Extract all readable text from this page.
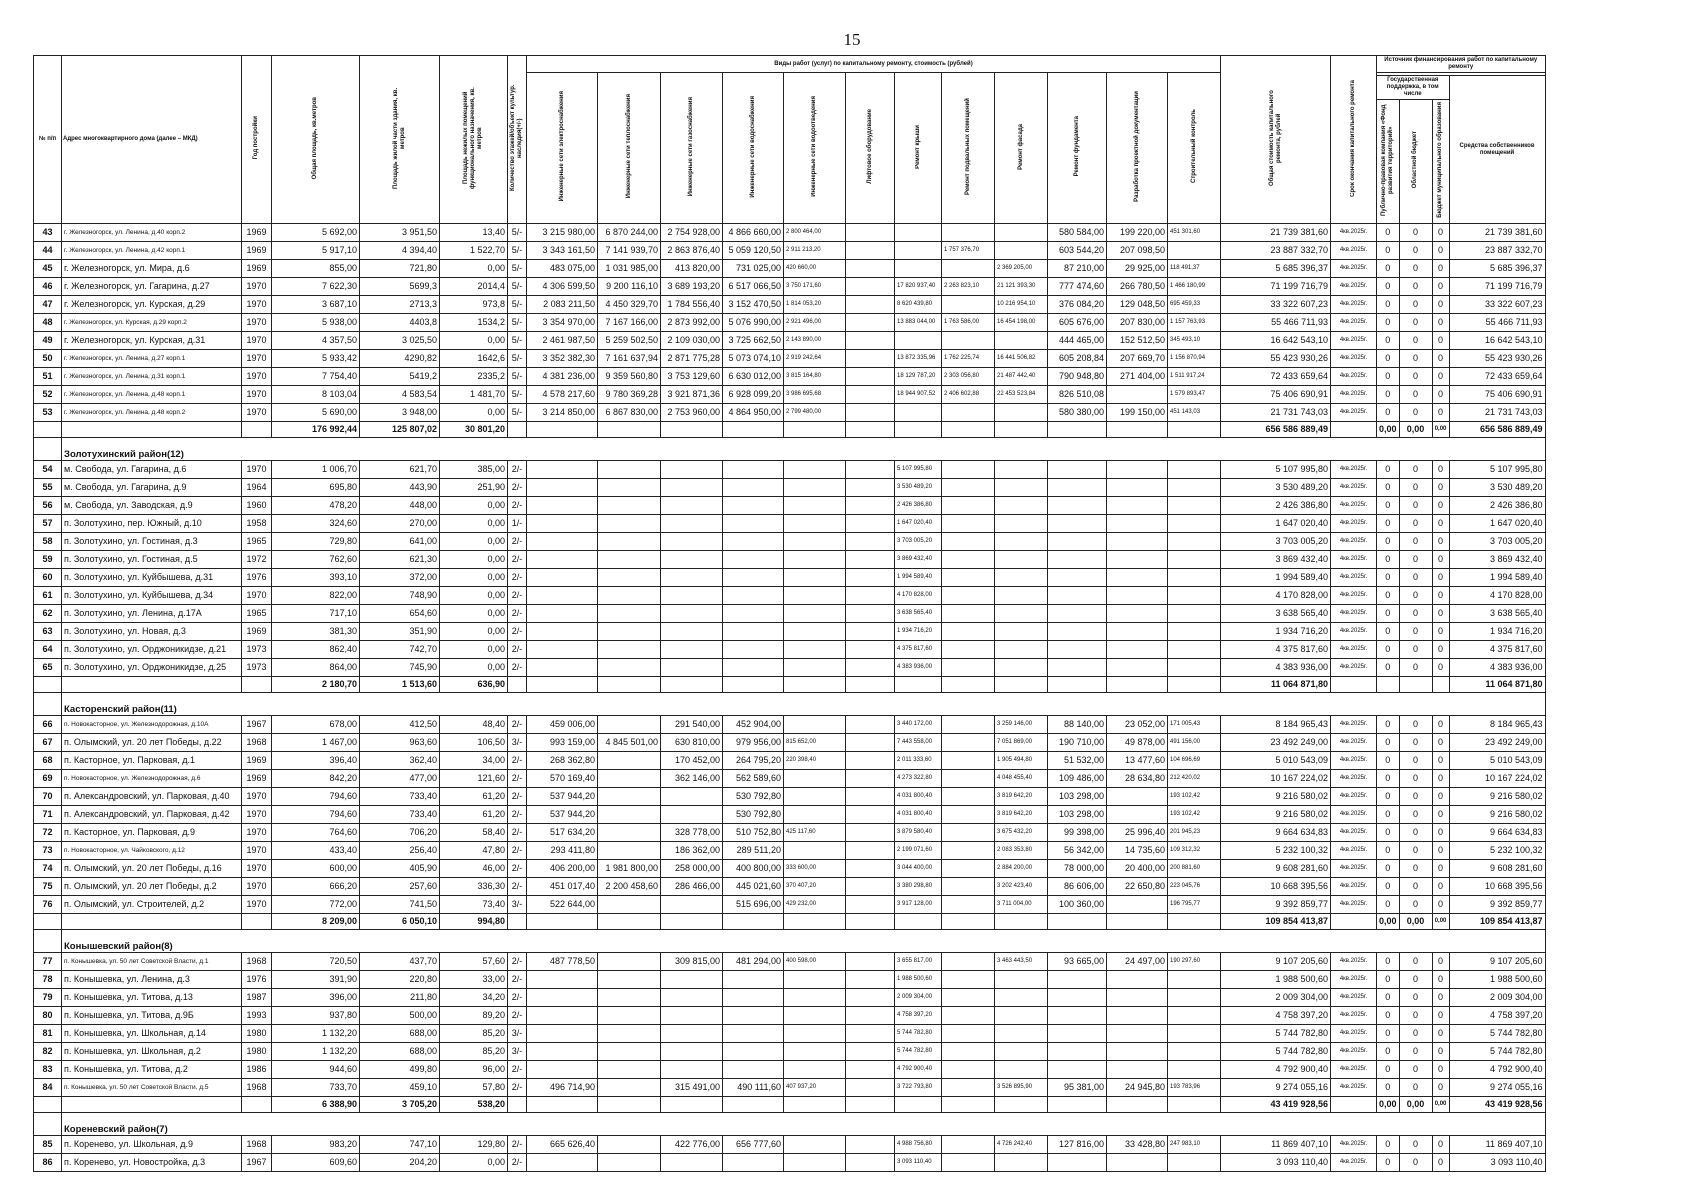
15
№ п/п	Адрес многоквартирного дома (далее – МКД)	Год постройки	Общая площадь, кв.метров	Площадь жилой части здания, кв. метров	Площадь нежилых помещений функционального назначения, кв. метров	Количество этажей/объект культур. наследия(+/-)	Виды работ (услуг) по капитальному ремонту, стоимость (рублей)												Общая стоимость капитального ремонта, рублей	Срок окончания капитального ремонта	Источник финансирования работ по капитальному ремонту			
							Инженерные сети электроснабжения	Инженерные сети теплоснабжения	Инженерные сети газоснабжения	Инженерные сети водоснабжения	Инженерные сети водоотведения	Лифтовое оборудование	Ремонт крыши	Ремонт подвальных помещений	Ремонт фасада	Ремонт фундамента	Разработка проектной документации	Строительный контроль						
																					Государственная поддержка, в том числе			Средства собственников помещений
																					Публично-правовая компания «Фонд развития территорий»	Областной бюджет	Бюджет муниципального образования	
43	г. Железногорск, ул. Ленина, д.40 корп.2	1969	5 692,00	3 951,50	13,40	5/-	3 215 980,00	6 870 244,00	2 754 928,00	4 866 660,00	2 800 464,00					580 584,00	199 220,00	451 301,60	21 739 381,60	4кв.2025г.	0	0	0	21 739 381,60
44	г. Железногорск, ул. Ленина, д.42 корп.1	1969	5 917,10	4 394,40	1 522,70	5/-	3 343 161,50	7 141 939,70	2 863 876,40	5 059 120,50	2 911 213,20			1 757 376,70		603 544,20	207 098,50		23 887 332,70	4кв.2025г.	0	0	0	23 887 332,70
45	г. Железногорск, ул. Мира, д.6	1969	855,00	721,80	0,00	5/-	483 075,00	1 031 985,00	413 820,00	731 025,00	420 660,00				2 369 205,00	87 210,00	29 925,00	118 491,37	5 685 396,37	4кв.2025г.	0	0	0	5 685 396,37
46	г. Железногорск, ул. Гагарина, д.27	1970	7 622,30	5699,3	2014,4	5/-	4 306 599,50	9 200 116,10	3 689 193,20	6 517 066,50	3 750 171,60		17 820 937,40	2 263 823,10	21 121 393,30	777 474,60	266 780,50	1 466 180,99	71 199 716,79	4кв.2025г.	0	0	0	71 199 716,79
47	г. Железногорск, ул. Курская, д.29	1970	3 687,10	2713,3	973,8	5/-	2 083 211,50	4 450 329,70	1 784 556,40	3 152 470,50	1 814 053,20		8 620 439,80		10 216 954,10	376 084,20	129 048,50	695 459,33	33 322 607,23	4кв.2025г.	0	0	0	33 322 607,23
48	г. Железногорск, ул. Курская, д.29 корп.2	1970	5 938,00	4403,8	1534,2	5/-	3 354 970,00	7 167 166,00	2 873 992,00	5 076 990,00	2 921 496,00		13 883 044,00	1 763 586,00	16 454 198,00	605 676,00	207 830,00	1 157 763,93	55 466 711,93	4кв.2025г.	0	0	0	55 466 711,93
49	г. Железногорск, ул. Курская, д.31	1970	4 357,50	3 025,50	0,00	5/-	2 461 987,50	5 259 502,50	2 109 030,00	3 725 662,50	2 143 890,00					444 465,00	152 512,50	345 493,10	16 642 543,10	4кв.2025г.	0	0	0	16 642 543,10
50	г. Железногорск, ул. Ленина, д.27 корп.1	1970	5 933,42	4290,82	1642,6	5/-	3 352 382,30	7 161 637,94	2 871 775,28	5 073 074,10	2 919 242,64		13 872 335,96	1 762 225,74	16 441 506,82	605 208,84	207 669,70	1 156 870,94	55 423 930,26	4кв.2025г.	0	0	0	55 423 930,26
51	г. Железногорск, ул. Ленина, д.31 корп.1	1970	7 754,40	5419,2	2335,2	5/-	4 381 236,00	9 359 560,80	3 753 129,60	6 630 012,00	3 815 164,80		18 129 787,20	2 303 056,80	21 487 442,40	790 948,80	271 404,00	1 511 917,24	72 433 659,64	4кв.2025г.	0	0	0	72 433 659,64
52	г. Железногорск, ул. Ленина, д.48 корп.1	1970	8 103,04	4 583,54	1 481,70	5/-	4 578 217,60	9 780 369,28	3 921 871,36	6 928 099,20	3 986 695,68		18 944 907,52	2 406 602,88	22 453 523,84	826 510,08		1 579 893,47	75 406 690,91	4кв.2025г.	0	0	0	75 406 690,91
53	г. Железногорск, ул. Ленина, д.48 корп.2	1970	5 690,00	3 948,00	0,00	5/-	3 214 850,00	6 867 830,00	2 753 960,00	4 864 950,00	2 799 480,00					580 380,00	199 150,00	451 143,03	21 731 743,03	4кв.2025г.	0	0	0	21 731 743,03
			176 992,44	125 807,02	30 801,20														656 586 889,49		0,00	0,00	0,00	656 586 889,49
	Золотухинский район(12)																							
54	м. Свобода, ул. Гагарина, д.6	1970	1 006,70	621,70	385,00	2/-							5 107 995,80						5 107 995,80	4кв.2025г.	0	0	0	5 107 995,80
55	м. Свобода, ул. Гагарина, д.9	1964	695,80	443,90	251,90	2/-							3 530 489,20						3 530 489,20	4кв.2025г.	0	0	0	3 530 489,20
56	м. Свобода, ул. Заводская, д.9	1960	478,20	448,00	0,00	2/-							2 426 386,80						2 426 386,80	4кв.2025г.	0	0	0	2 426 386,80
57	п. Золотухино, пер. Южный, д.10	1958	324,60	270,00	0,00	1/-							1 647 020,40						1 647 020,40	4кв.2025г.	0	0	0	1 647 020,40
58	п. Золотухино, ул. Гостиная, д.3	1965	729,80	641,00	0,00	2/-							3 703 005,20						3 703 005,20	4кв.2025г.	0	0	0	3 703 005,20
59	п. Золотухино, ул. Гостиная, д.5	1972	762,60	621,30	0,00	2/-							3 869 432,40						3 869 432,40	4кв.2025г.	0	0	0	3 869 432,40
60	п. Золотухино, ул. Куйбышева, д.31	1976	393,10	372,00	0,00	2/-							1 994 589,40						1 994 589,40	4кв.2025г.	0	0	0	1 994 589,40
61	п. Золотухино, ул. Куйбышева, д.34	1970	822,00	748,90	0,00	2/-							4 170 828,00						4 170 828,00	4кв.2025г.	0	0	0	4 170 828,00
62	п. Золотухино, ул. Ленина, д.17А	1965	717,10	654,60	0,00	2/-							3 638 565,40						3 638 565,40	4кв.2025г.	0	0	0	3 638 565,40
63	п. Золотухино, ул. Новая, д.3	1969	381,30	351,90	0,00	2/-							1 934 716,20						1 934 716,20	4кв.2025г.	0	0	0	1 934 716,20
64	п. Золотухино, ул. Орджоникидзе, д.21	1973	862,40	742,70	0,00	2/-							4 375 817,60						4 375 817,60	4кв.2025г.	0	0	0	4 375 817,60
65	п. Золотухино, ул. Орджоникидзе, д.25	1973	864,00	745,90	0,00	2/-							4 383 936,00						4 383 936,00	4кв.2025г.	0	0	0	4 383 936,00
			2 180,70	1 513,60	636,90														11 064 871,80					11 064 871,80
	Касторенский район(11)																							
66	п. Новокасторное, ул. Железнодорожная, д.10А	1967	678,00	412,50	48,40	2/-	459 006,00		291 540,00	452 904,00			3 440 172,00		3 259 146,00	88 140,00	23 052,00	171 005,43	8 184 965,43	4кв.2025г.	0	0	0	8 184 965,43
67	п. Олымский, ул. 20 лет Победы, д.22	1968	1 467,00	963,60	106,50	3/-	993 159,00	4 845 501,00	630 810,00	979 956,00	815 652,00		7 443 558,00		7 051 869,00	190 710,00	49 878,00	491 156,00	23 492 249,00	4кв.2025г.	0	0	0	23 492 249,00
68	п. Касторное, ул. Парковая, д.1	1969	396,40	362,40	34,00	2/-	268 362,80		170 452,00	264 795,20	220 398,40		2 011 333,60		1 905 494,80	51 532,00	13 477,60	104 696,69	5 010 543,09	4кв.2025г.	0	0	0	5 010 543,09
69	п. Новокасторное, ул. Железнодорожная, д.6	1969	842,20	477,00	121,60	2/-	570 169,40		362 146,00	562 589,60			4 273 322,80		4 048 455,40	109 486,00	28 634,80	212 420,02	10 167 224,02	4кв.2025г.	0	0	0	10 167 224,02
70	п. Александровский, ул. Парковая, д.40	1970	794,60	733,40	61,20	2/-	537 944,20			530 792,80			4 031 800,40		3 819 642,20	103 298,00		193 102,42	9 216 580,02	4кв.2025г.	0	0	0	9 216 580,02
71	п. Александровский, ул. Парковая, д.42	1970	794,60	733,40	61,20	2/-	537 944,20			530 792,80			4 031 800,40		3 819 642,20	103 298,00		193 102,42	9 216 580,02	4кв.2025г.	0	0	0	9 216 580,02
72	п. Касторное, ул. Парковая, д.9	1970	764,60	706,20	58,40	2/-	517 634,20		328 778,00	510 752,80	425 117,60		3 879 580,40		3 675 432,20	99 398,00	25 996,40	201 945,23	9 664 634,83	4кв.2025г.	0	0	0	9 664 634,83
73	п. Новокасторное, ул. Чайковского, д.12	1970	433,40	256,40	47,80	2/-	293 411,80		186 362,00	289 511,20			2 199 071,60		2 083 353,80	56 342,00	14 735,60	109 312,32	5 232 100,32	4кв.2025г.	0	0	0	5 232 100,32
74	п. Олымский, ул. 20 лет Победы, д.16	1970	600,00	405,90	46,00	2/-	406 200,00	1 981 800,00	258 000,00	400 800,00	333 600,00		3 044 400,00		2 884 200,00	78 000,00	20 400,00	200 881,60	9 608 281,60	4кв.2025г.	0	0	0	9 608 281,60
75	п. Олымский, ул. 20 лет Победы, д.2	1970	666,20	257,60	336,30	2/-	451 017,40	2 200 458,60	286 466,00	445 021,60	370 407,20		3 380 298,80		3 202 423,40	86 606,00	22 650,80	223 045,76	10 668 395,56	4кв.2025г.	0	0	0	10 668 395,56
76	п. Олымский, ул. Строителей, д.2	1970	772,00	741,50	73,40	3/-	522 644,00			515 696,00	429 232,00		3 917 128,00		3 711 004,00	100 360,00		196 795,77	9 392 859,77	4кв.2025г.	0	0	0	9 392 859,77
			8 209,00	6 050,10	994,80														109 854 413,87		0,00	0,00	0,00	109 854 413,87
	Конышевский район(8)																							
77	п. Конышевка, ул. 50 лет Советской Власти, д.1	1968	720,50	437,70	57,60	2/-	487 778,50		309 815,00	481 294,00	400 598,00		3 655 817,00		3 463 443,50	93 665,00	24 497,00	190 297,60	9 107 205,60	4кв.2025г.	0	0	0	9 107 205,60
78	п. Конышевка, ул. Ленина, д.3	1976	391,90	220,80	33,00	2/-							1 988 500,60						1 988 500,60	4кв.2025г.	0	0	0	1 988 500,60
79	п. Конышевка, ул. Титова, д.13	1987	396,00	211,80	34,20	2/-							2 009 304,00						2 009 304,00	4кв.2025г.	0	0	0	2 009 304,00
80	п. Конышевка, ул. Титова, д.9Б	1993	937,80	500,00	89,20	2/-							4 758 397,20						4 758 397,20	4кв.2025г.	0	0	0	4 758 397,20
81	п. Конышевка, ул. Школьная, д.14	1980	1 132,20	688,00	85,20	3/-							5 744 782,80						5 744 782,80	4кв.2025г.	0	0	0	5 744 782,80
82	п. Конышевка, ул. Школьная, д.2	1980	1 132,20	688,00	85,20	3/-							5 744 782,80						5 744 782,80	4кв.2025г.	0	0	0	5 744 782,80
83	п. Конышевка, ул. Титова, д.2	1986	944,60	499,80	96,00	2/-							4 792 900,40						4 792 900,40	4кв.2025г.	0	0	0	4 792 900,40
84	п. Конышевка, ул. 50 лет Советской Власти, д.5	1968	733,70	459,10	57,80	2/-	496 714,90		315 491,00	490 111,60	407 937,20		3 722 793,80		3 526 895,90	95 381,00	24 945,80	193 783,96	9 274 055,16	4кв.2025г.	0	0	0	9 274 055,16
			6 388,90	3 705,20	538,20														43 419 928,56		0,00	0,00	0,00	43 419 928,56
	Кореневский район(7)																							
85	п. Коренево, ул. Школьная, д.9	1968	983,20	747,10	129,80	2/-	665 626,40		422 776,00	656 777,60			4 988 756,80		4 726 242,40	127 816,00	33 428,80	247 983,10	11 869 407,10	4кв.2025г.	0	0	0	11 869 407,10
86	п. Коренево, ул. Новостройка, д.3	1967	609,60	204,20	0,00	2/-							3 093 110,40						3 093 110,40	4кв.2025г.	0	0	0	3 093 110,40
